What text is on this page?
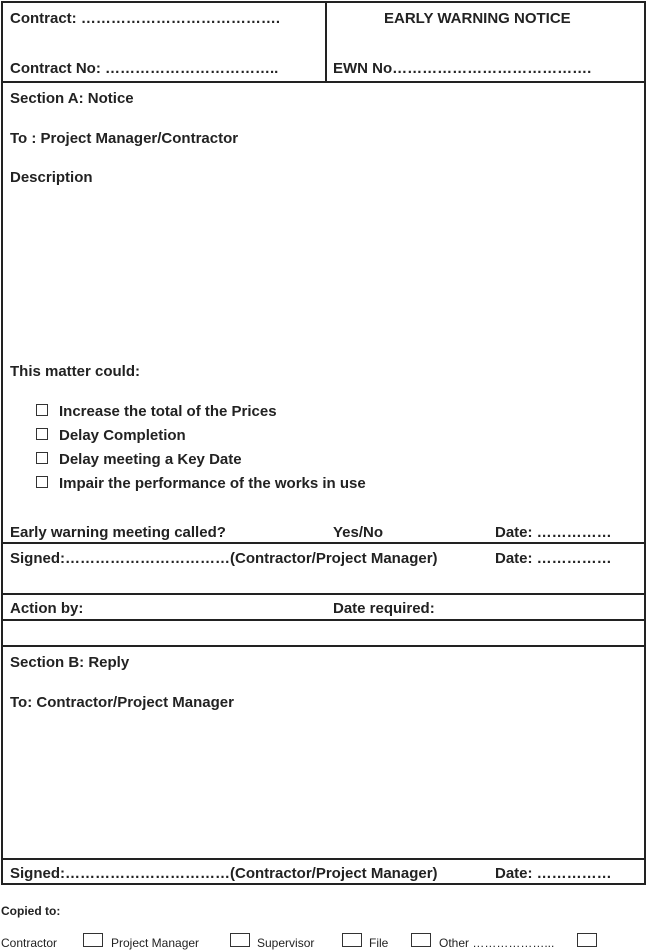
Contract: ………………………………….	EARLY WARNING NOTICE
Contract No: ……………………………..	EWN No………………………………….
Section A: Notice
To : Project Manager/Contractor
Description
This matter could:
Increase the total of the Prices
Delay Completion
Delay meeting a Key Date
Impair the performance of the works in use
Early warning meeting called?	Yes/No	Date: ……………
Signed:……………………………(Contractor/Project Manager)	Date: ……………
Action by:	Date required:
Section B: Reply
To: Contractor/Project Manager
Signed:……………………………(Contractor/Project Manager)	Date: ……………
Copied to:
Contractor	Project Manager	Supervisor	File	Other ………………...
